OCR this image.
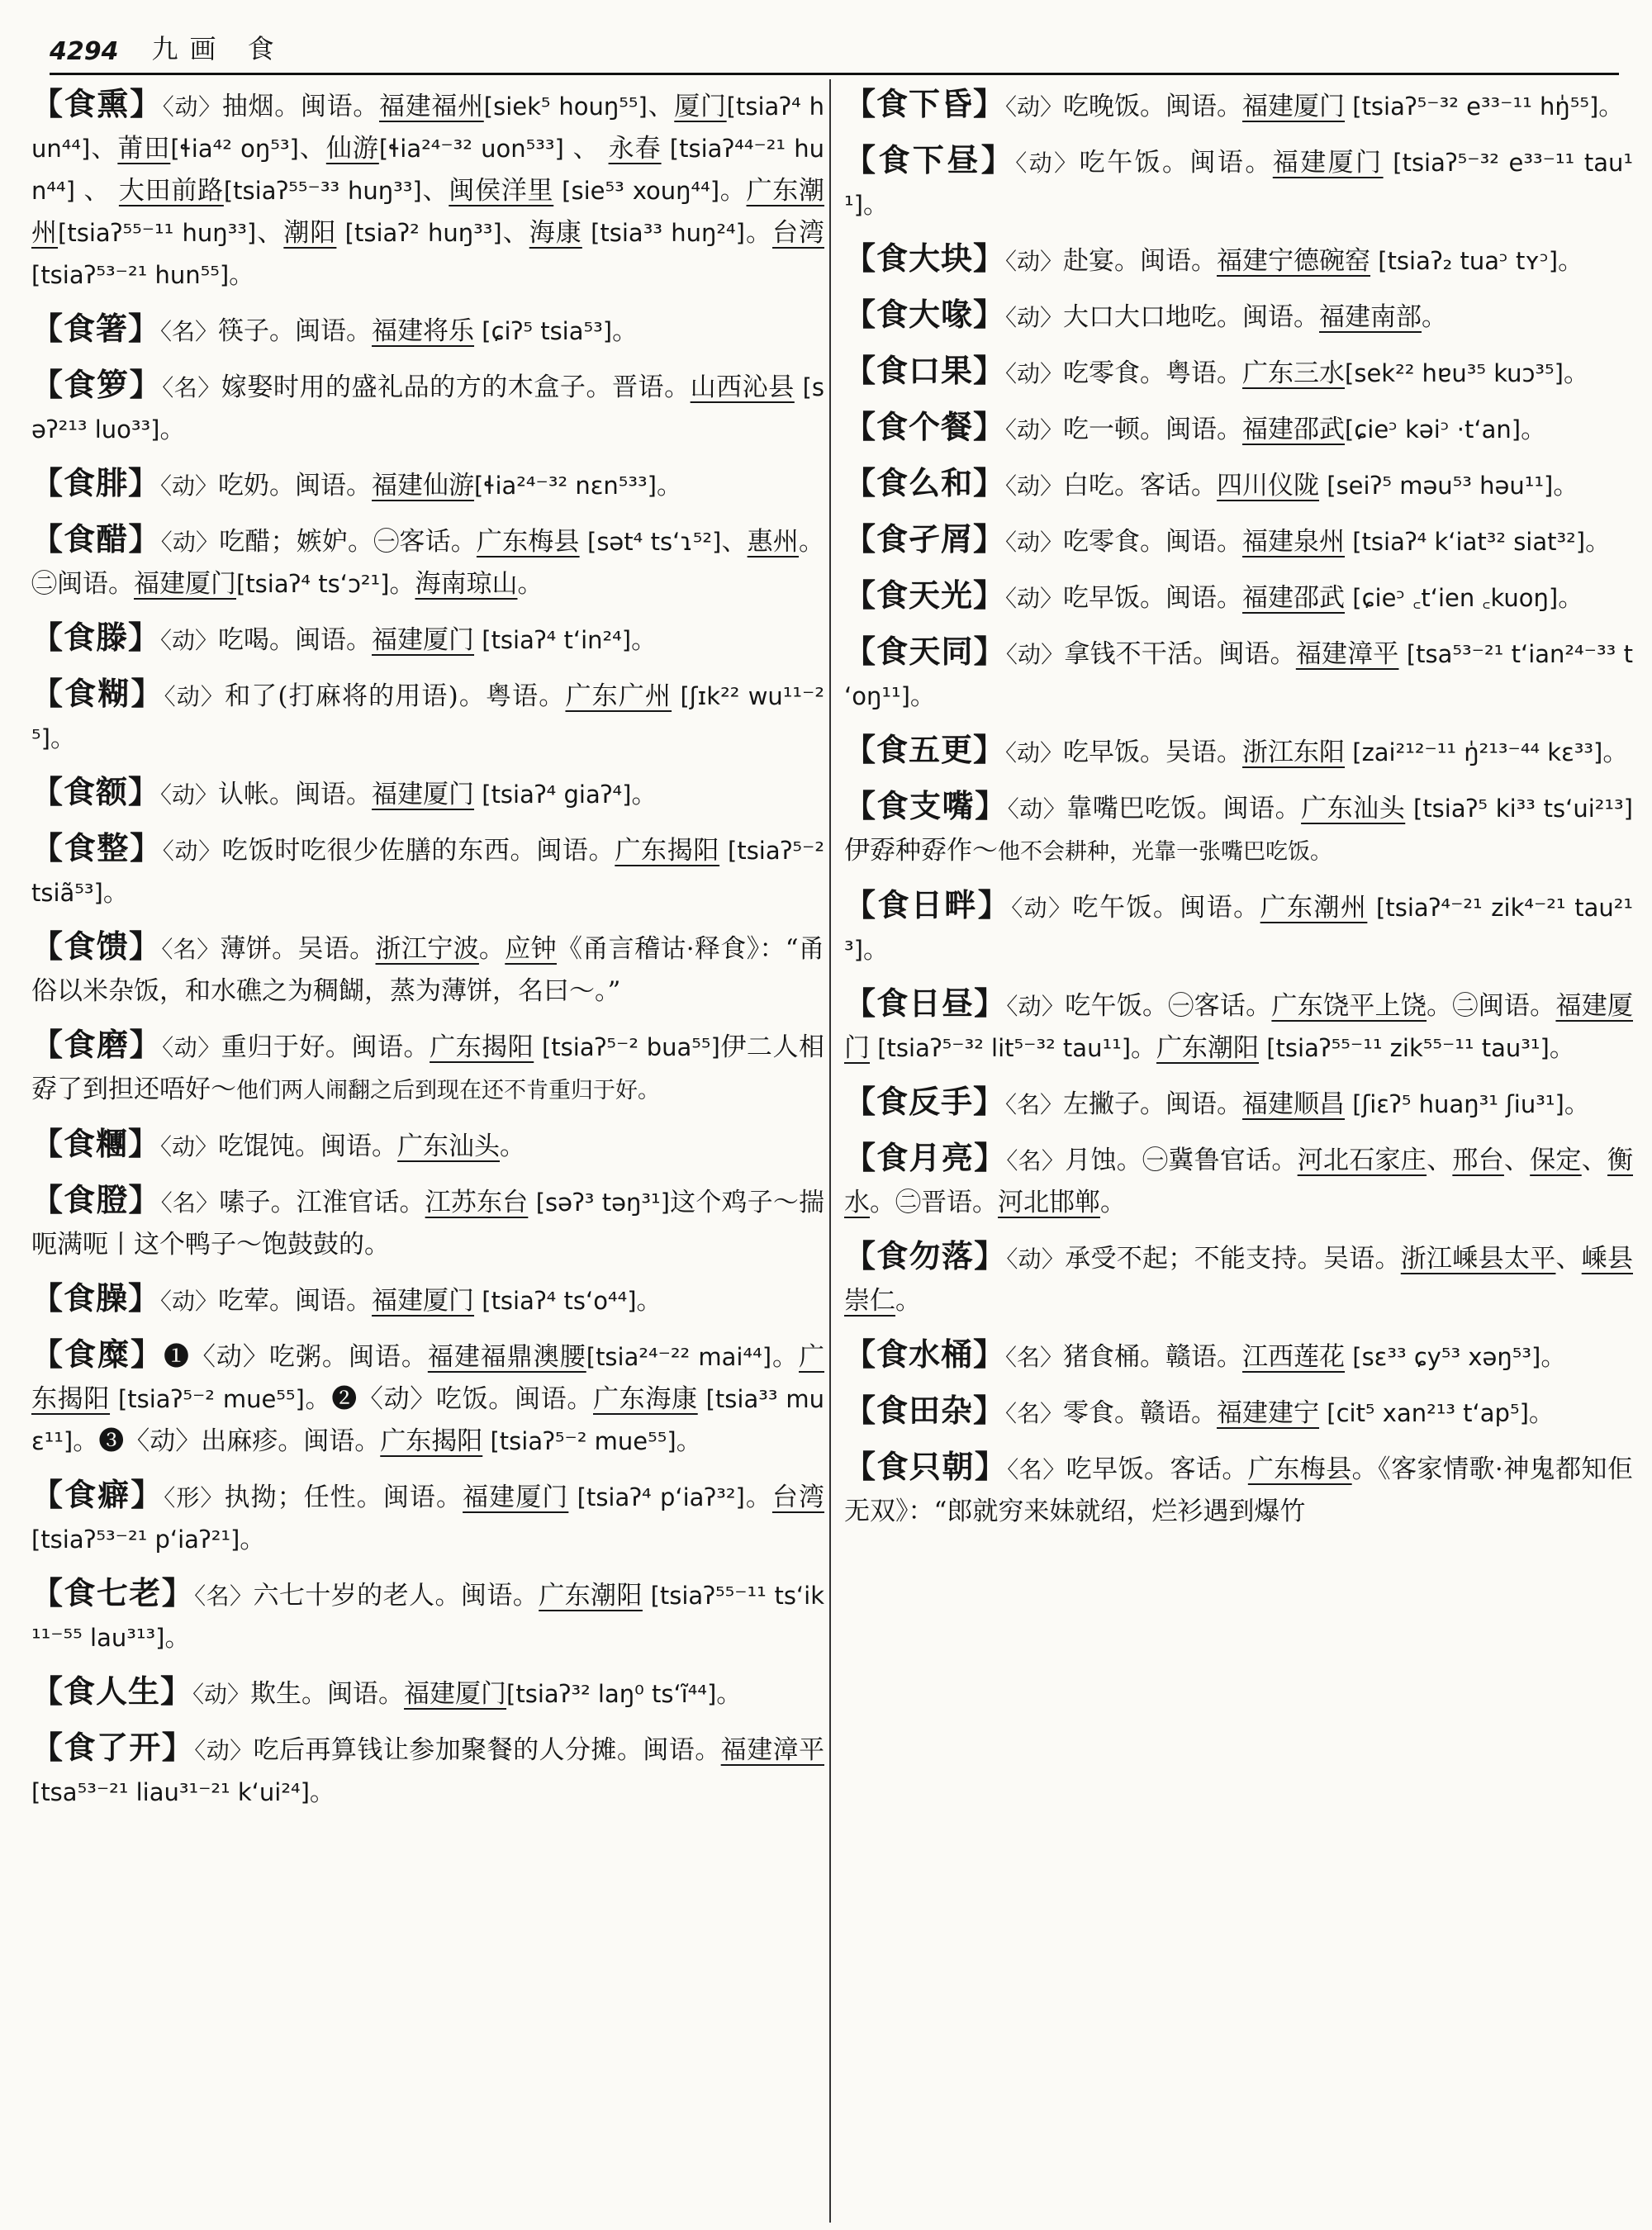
4294 九画 食

【食熏】〈动〉抽烟。闽语。福建福州[siek⁵ houŋ⁵⁵]、厦门[tsiaʔ⁴ hun⁴⁴]、莆田[ɬia⁴² oŋ⁵³]、仙游[ɬia²⁴⁻³² uon⁵³³] 、 永春 [tsiaʔ⁴⁴⁻²¹ hun⁴⁴] 、 大田前路[tsiaʔ⁵⁵⁻³³ huŋ³³]、闽侯洋里 [sie⁵³ xouŋ⁴⁴]。广东潮州[tsiaʔ⁵⁵⁻¹¹ huŋ³³]、潮阳 [tsiaʔ² huŋ³³]、海康 [tsia³³ huŋ²⁴]。台湾 [tsiaʔ⁵³⁻²¹ hun⁵⁵]。

【食箸】〈名〉筷子。闽语。福建将乐 [ɕiʔ⁵ tsia⁵³]。

【食箩】〈名〉嫁娶时用的盛礼品的方的木盒子。晋语。山西沁县 [səʔ²¹³ luo³³]。

【食腓】〈动〉吃奶。闽语。福建仙游[ɬia²⁴⁻³² nɛn⁵³³]。

【食醋】〈动〉吃醋；嫉妒。㊀客话。广东梅县 [sət⁴ tsʻɿ⁵²]、惠州。㊁闽语。福建厦门[tsiaʔ⁴ tsʻɔ²¹]。海南琼山。

【食滕】〈动〉吃喝。闽语。福建厦门 [tsiaʔ⁴ tʻin²⁴]。

【食糊】〈动〉和了(打麻将的用语)。粤语。广东广州 [ʃɪk²² wu¹¹⁻²⁵]。

【食额】〈动〉认帐。闽语。福建厦门 [tsiaʔ⁴ giaʔ⁴]。

【食整】〈动〉吃饭时吃很少佐膳的东西。闽语。广东揭阳 [tsiaʔ⁵⁻² tsiã⁵³]。

【食馈】〈名〉薄饼。吴语。浙江宁波。应钟《甬言稽诂·释食》：“甬俗以米杂饭，和水礁之为稠餬，蒸为薄饼，名曰～。”

【食磨】〈动〉重归于好。闽语。广东揭阳 [tsiaʔ⁵⁻² bua⁵⁵]伊二人相孬了到担还唔好～他们两人闹翻之后到现在还不肯重归于好。

【食糰】〈动〉吃馄饨。闽语。广东汕头。

【食膯】〈名〉嗉子。江淮官话。江苏东台 [səʔ³ təŋ³¹]这个鸡子～揣呃满呃丨这个鸭子～饱鼓鼓的。

【食臊】〈动〉吃荤。闽语。福建厦门 [tsiaʔ⁴ tsʻo⁴⁴]。

【食糜】❶〈动〉吃粥。闽语。福建福鼎澳腰[tsia²⁴⁻²² mai⁴⁴]。广东揭阳 [tsiaʔ⁵⁻² mue⁵⁵]。❷〈动〉吃饭。闽语。广东海康 [tsia³³ muɛ¹¹]。❸〈动〉出麻疹。闽语。广东揭阳 [tsiaʔ⁵⁻² mue⁵⁵]。

【食癖】〈形〉执拗；任性。闽语。福建厦门 [tsiaʔ⁴ pʻiaʔ³²]。台湾 [tsiaʔ⁵³⁻²¹ pʻiaʔ²¹]。

【食七老】〈名〉六七十岁的老人。闽语。广东潮阳 [tsiaʔ⁵⁵⁻¹¹ tsʻik¹¹⁻⁵⁵ lau³¹³]。

【食人生】〈动〉欺生。闽语。福建厦门[tsiaʔ³² laŋ⁰ tsʻĩ⁴⁴]。

【食了开】〈动〉吃后再算钱让参加聚餐的人分摊。闽语。福建漳平 [tsa⁵³⁻²¹ liau³¹⁻²¹ kʻui²⁴]。

【食下昏】〈动〉吃晚饭。闽语。福建厦门 [tsiaʔ⁵⁻³² e³³⁻¹¹ hŋ̍⁵⁵]。

【食下昼】〈动〉吃午饭。闽语。福建厦门 [tsiaʔ⁵⁻³² e³³⁻¹¹ tau¹¹]。

【食大块】〈动〉赴宴。闽语。福建宁德碗窑 [tsiaʔ₂ tuaᵓ tʏᵓ]。

【食大喙】〈动〉大口大口地吃。闽语。福建南部。

【食口果】〈动〉吃零食。粤语。广东三水[sek²² hɐu³⁵ kuɔ³⁵]。

【食个餐】〈动〉吃一顿。闽语。福建邵武[ɕieᵓ kəiᵓ ·tʻan]。

【食么和】〈动〉白吃。客话。四川仪陇 [seiʔ⁵ məu⁵³ həu¹¹]。

【食孑屑】〈动〉吃零食。闽语。福建泉州 [tsiaʔ⁴ kʻiat³² siat³²]。

【食天光】〈动〉吃早饭。闽语。福建邵武 [ɕieᵓ ꜀tʻien ꜀kuoŋ]。

【食天同】〈动〉拿钱不干活。闽语。福建漳平 [tsa⁵³⁻²¹ tʻian²⁴⁻³³ tʻoŋ¹¹]。

【食五更】〈动〉吃早饭。吴语。浙江东阳 [zai²¹²⁻¹¹ ŋ̍²¹³⁻⁴⁴ kɛ³³]。

【食支嘴】〈动〉靠嘴巴吃饭。闽语。广东汕头 [tsiaʔ⁵ ki³³ tsʻui²¹³]伊孬种孬作～他不会耕种，光靠一张嘴巴吃饭。

【食日畔】〈动〉吃午饭。闽语。广东潮州 [tsiaʔ⁴⁻²¹ zik⁴⁻²¹ tau²¹³]。

【食日昼】〈动〉吃午饭。㊀客话。广东饶平上饶。㊁闽语。福建厦门 [tsiaʔ⁵⁻³² lit⁵⁻³² tau¹¹]。广东潮阳 [tsiaʔ⁵⁵⁻¹¹ zik⁵⁵⁻¹¹ tau³¹]。

【食反手】〈名〉左撇子。闽语。福建顺昌 [ʃiɛʔ⁵ huaŋ³¹ ʃiu³¹]。

【食月亮】〈名〉月蚀。㊀冀鲁官话。河北石家庄、邢台、保定、衡水。㊁晋语。河北邯郸。

【食勿落】〈动〉承受不起；不能支持。吴语。浙江嵊县太平、嵊县崇仁。

【食水桶】〈名〉猪食桶。赣语。江西莲花 [sɛ³³ ɕy⁵³ xəŋ⁵³]。

【食田杂】〈名〉零食。赣语。福建建宁 [cit⁵ xan²¹³ tʻap⁵]。

【食只朝】〈名〉吃早饭。客话。广东梅县。《客家情歌·神鬼都知佢无双》：“郎就穷来妹就绍，烂衫遇到爆竹
